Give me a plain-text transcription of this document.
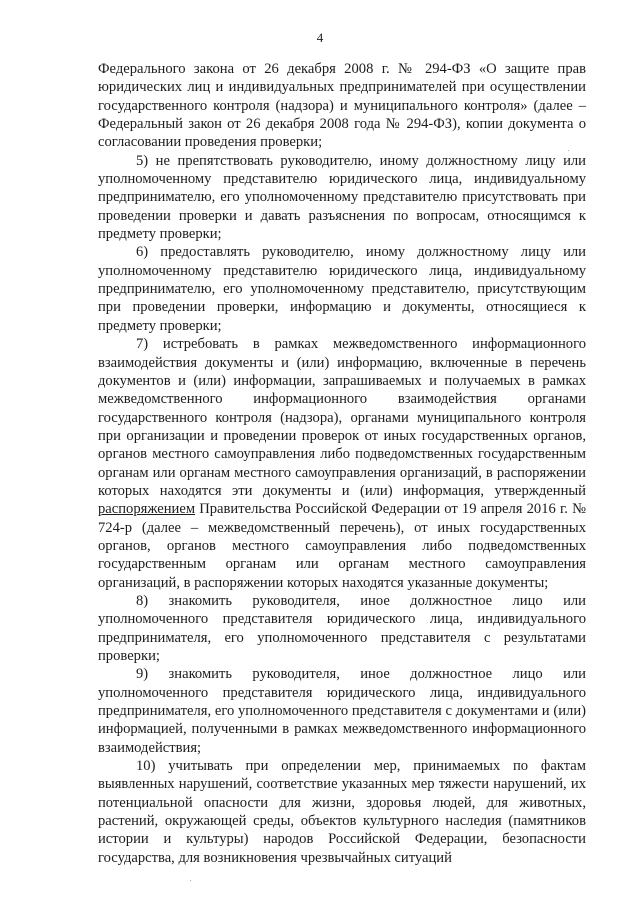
4

Федерального закона от 26 декабря 2008 г. № 294-ФЗ «О защите прав юридических лиц и индивидуальных предпринимателей при осуществлении государственного контроля (надзора) и муниципального контроля» (далее – Федеральный закон от 26 декабря 2008 года № 294-ФЗ), копии документа о согласовании проведения проверки;

5) не препятствовать руководителю, иному должностному лицу или уполномоченному представителю юридического лица, индивидуальному предпринимателю, его уполномоченному представителю присутствовать при проведении проверки и давать разъяснения по вопросам, относящимся к предмету проверки;

6) предоставлять руководителю, иному должностному лицу или уполномоченному представителю юридического лица, индивидуальному предпринимателю, его уполномоченному представителю, присутствующим при проведении проверки, информацию и документы, относящиеся к предмету проверки;

7) истребовать в рамках межведомственного информационного взаимодействия документы и (или) информацию, включенные в перечень документов и (или) информации, запрашиваемых и получаемых в рамках межведомственного информационного взаимодействия органами государственного контроля (надзора), органами муниципального контроля при организации и проведении проверок от иных государственных органов, органов местного самоуправления либо подведомственных государственным органам или органам местного самоуправления организаций, в распоряжении которых находятся эти документы и (или) информация, утвержденный распоряжением Правительства Российской Федерации от 19 апреля 2016 г. № 724-р (далее – межведомственный перечень), от иных государственных органов, органов местного самоуправления либо подведомственных государственным органам или органам местного самоуправления организаций, в распоряжении которых находятся указанные документы;

8) знакомить руководителя, иное должностное лицо или уполномоченного представителя юридического лица, индивидуального предпринимателя, его уполномоченного представителя с результатами проверки;

9) знакомить руководителя, иное должностное лицо или уполномоченного представителя юридического лица, индивидуального предпринимателя, его уполномоченного представителя с документами и (или) информацией, полученными в рамках межведомственного информационного взаимодействия;

10) учитывать при определении мер, принимаемых по фактам выявленных нарушений, соответствие указанных мер тяжести нарушений, их потенциальной опасности для жизни, здоровья людей, для животных, растений, окружающей среды, объектов культурного наследия (памятников истории и культуры) народов Российской Федерации, безопасности государства, для возникновения чрезвычайных ситуаций
